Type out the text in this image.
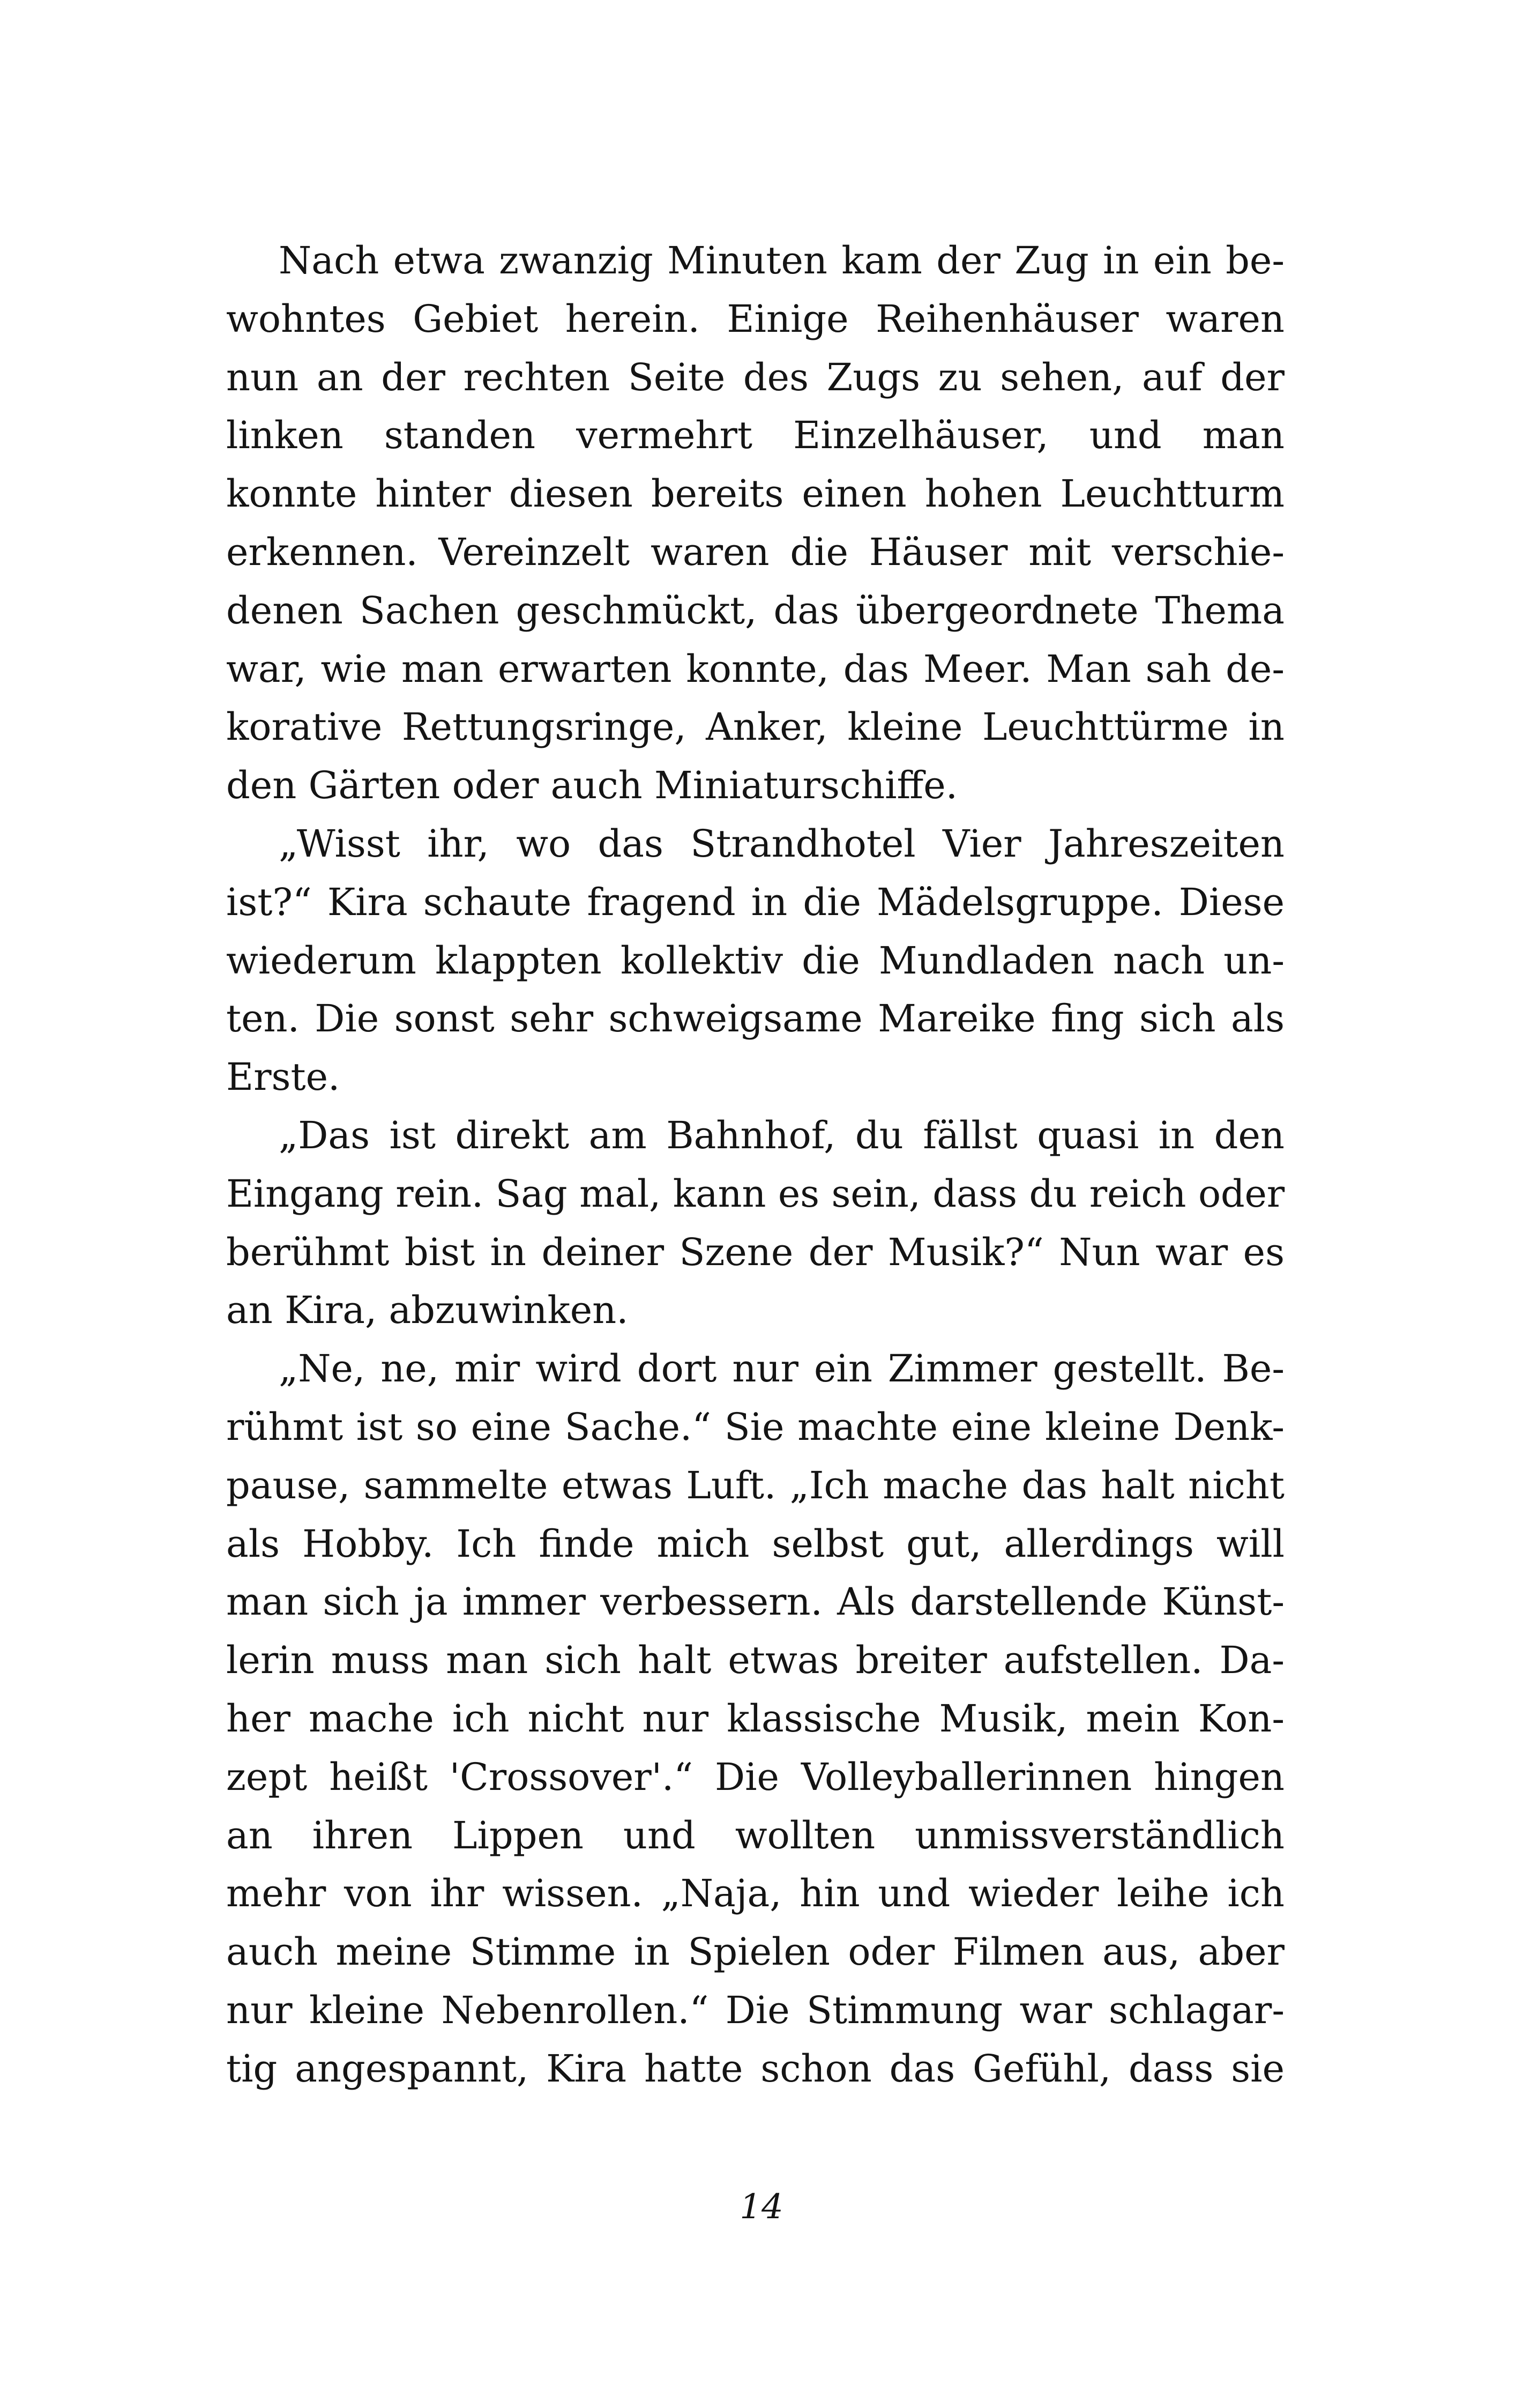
Nach etwa zwanzig Minuten kam der Zug in ein be-
wohntes Gebiet herein. Einige Reihenhäuser waren
nun an der rechten Seite des Zugs zu sehen, auf der
linken standen vermehrt Einzelhäuser, und man
konnte hinter diesen bereits einen hohen Leuchtturm
erkennen. Vereinzelt waren die Häuser mit verschie-
denen Sachen geschmückt, das übergeordnete Thema
war, wie man erwarten konnte, das Meer. Man sah de-
korative Rettungsringe, Anker, kleine Leuchttürme in
den Gärten oder auch Miniaturschiffe.
„Wisst ihr, wo das Strandhotel Vier Jahreszeiten
ist?“ Kira schaute fragend in die Mädelsgruppe. Diese
wiederum klappten kollektiv die Mundladen nach un-
ten. Die sonst sehr schweigsame Mareike fing sich als
Erste.
„Das ist direkt am Bahnhof, du fällst quasi in den
Eingang rein. Sag mal, kann es sein, dass du reich oder
berühmt bist in deiner Szene der Musik?“ Nun war es
an Kira, abzuwinken.
„Ne, ne, mir wird dort nur ein Zimmer gestellt. Be-
rühmt ist so eine Sache.“ Sie machte eine kleine Denk-
pause, sammelte etwas Luft. „Ich mache das halt nicht
als Hobby. Ich finde mich selbst gut, allerdings will
man sich ja immer verbessern. Als darstellende Künst-
lerin muss man sich halt etwas breiter aufstellen. Da-
her mache ich nicht nur klassische Musik, mein Kon-
zept heißt 'Crossover'.“ Die Volleyballerinnen hingen
an ihren Lippen und wollten unmissverständlich
mehr von ihr wissen. „Naja, hin und wieder leihe ich
auch meine Stimme in Spielen oder Filmen aus, aber
nur kleine Nebenrollen.“ Die Stimmung war schlagar-
tig angespannt, Kira hatte schon das Gefühl, dass sie
14
